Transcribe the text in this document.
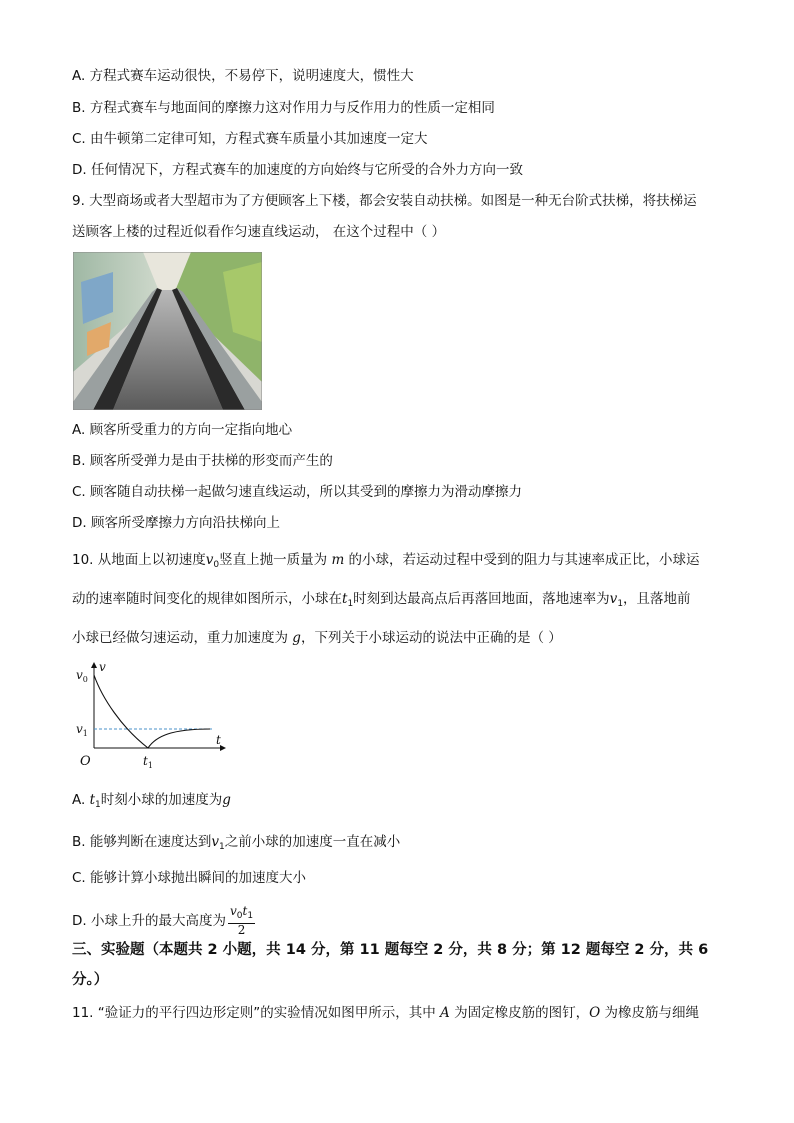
A. 方程式赛车运动很快，不易停下，说明速度大，惯性大
B. 方程式赛车与地面间的摩擦力这对作用力与反作用力的性质一定相同
C. 由牛顿第二定律可知，方程式赛车质量小其加速度一定大
D. 任何情况下，方程式赛车的加速度的方向始终与它所受的合外力方向一致
9. 大型商场或者大型超市为了方便顾客上下楼，都会安装自动扶梯。如图是一种无台阶式扶梯，将扶梯运
送顾客上楼的过程近似看作匀速直线运动， 在这个过程中（ ）
A. 顾客所受重力的方向一定指向地心
B. 顾客所受弹力是由于扶梯的形变而产生的
C. 顾客随自动扶梯一起做匀速直线运动，所以其受到的摩擦力为滑动摩擦力
D. 顾客所受摩擦力方向沿扶梯向上
10. 从地面上以初速度$v_0$竖直上抛一质量为 m 的小球，若运动过程中受到的阻力与其速率成正比，小球运
动的速率随时间变化的规律如图所示，小球在$t_1$时刻到达最高点后再落回地面，落地速率为$v_1$，且落地前
小球已经做匀速运动，重力加速度为 g，下列关于小球运动的说法中正确的是（ ）
$v_0$
v
$v_1$
O	$t_1$
t
A. $t_1$时刻小球的加速度为g
B. 能够判断在速度达到$v_1$之前小球的加速度一直在减小
C. 能够计算小球抛出瞬间的加速度大小
D. 小球上升的最大高度为 $\frac{v_0t_1}{2}$
三、实验题（本题共 2 小题，共 14 分，第 11 题每空 2 分，共 8 分；第 12 题每空 2 分，共 6
分。）
11. “验证力的平行四边形定则”的实验情况如图甲所示，其中 A 为固定橡皮筋的图钉，O 为橡皮筋与细绳
